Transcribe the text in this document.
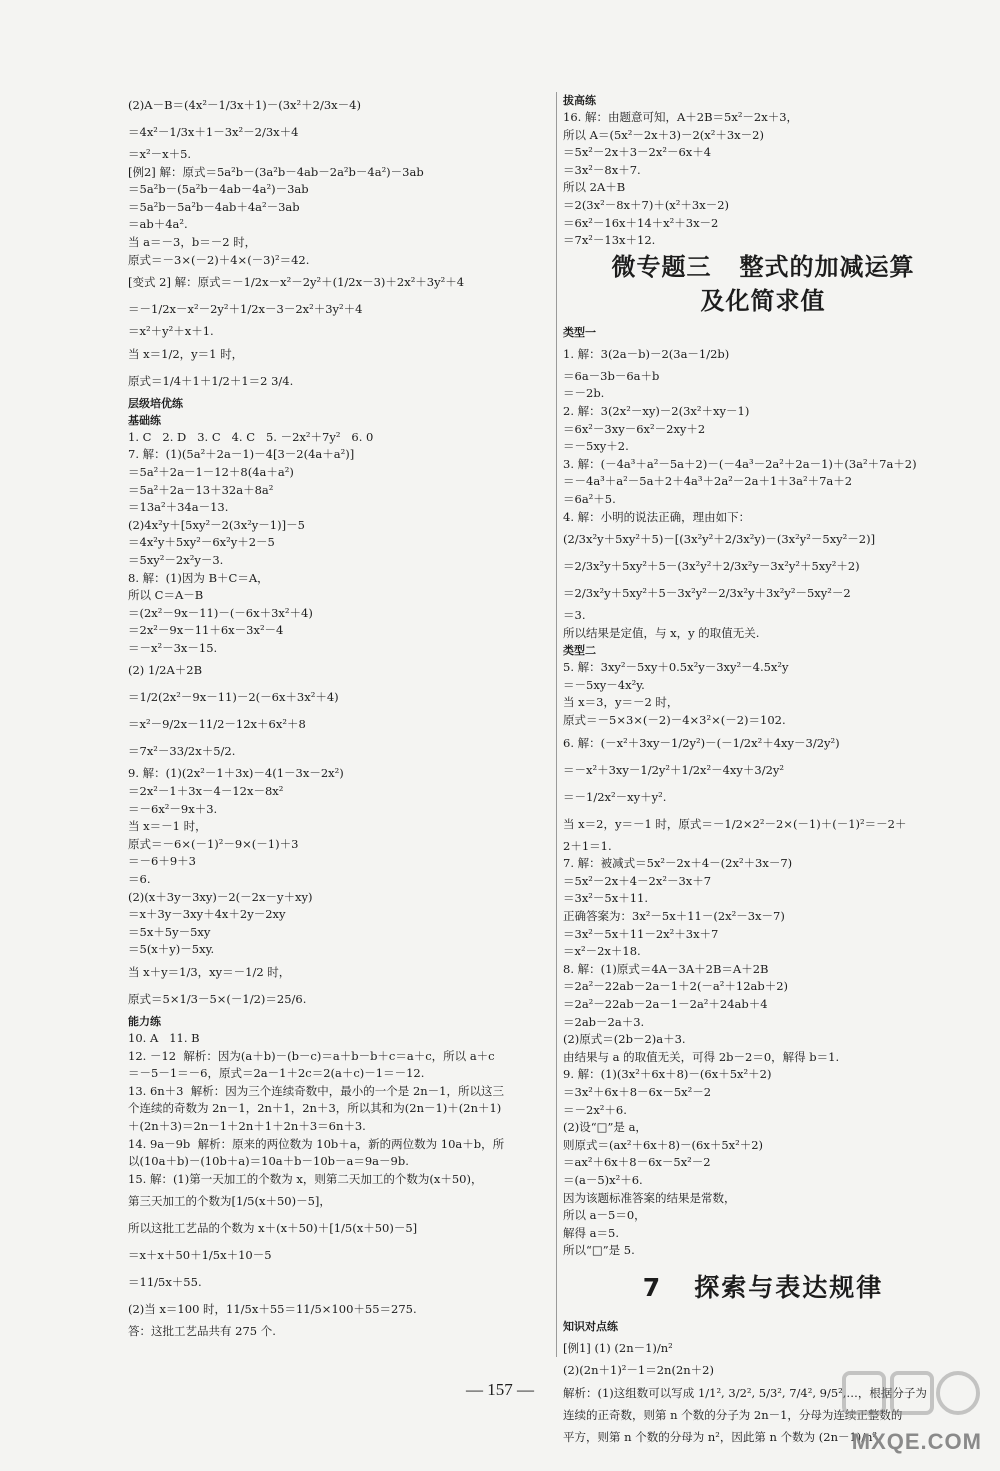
(2)A－B＝(4x²－1/3x＋1)－(3x²＋2/3x－4)
＝4x²－1/3x＋1－3x²－2/3x＋4
＝x²－x＋5.
[例2] 解：原式＝5a²b－(3a²b－4ab－2a²b－4a²)－3ab
＝5a²b－(5a²b－4ab－4a²)－3ab
＝5a²b－5a²b－4ab＋4a²－3ab
＝ab＋4a².
当 a＝－3，b＝－2 时，
原式＝－3×(－2)＋4×(－3)²＝42.
[变式 2] 解：原式＝－1/2x－x²－2y²＋(1/2x－3)＋2x²＋3y²＋4
＝－1/2x－x²－2y²＋1/2x－3－2x²＋3y²＋4
＝x²＋y²＋x＋1.
当 x＝1/2，y＝1 时，
原式＝1/4＋1＋1/2＋1＝2 3/4.
层级培优练
基础练
1. C   2. D   3. C   4. C   5. －2x²＋7y²   6. 0
7. 解：(1)(5a²＋2a－1)－4[3－2(4a＋a²)]
＝5a²＋2a－1－12＋8(4a＋a²)
＝5a²＋2a－13＋32a＋8a²
＝13a²＋34a－13.
(2)4x²y＋[5xy²－2(3x²y－1)]－5
＝4x²y＋5xy²－6x²y＋2－5
＝5xy²－2x²y－3.
8. 解：(1)因为 B＋C＝A，
所以 C＝A－B
＝(2x²－9x－11)－(－6x＋3x²＋4)
＝2x²－9x－11＋6x－3x²－4
＝－x²－3x－15.
(2) 1/2A＋2B
＝1/2(2x²－9x－11)－2(－6x＋3x²＋4)
＝x²－9/2x－11/2－12x＋6x²＋8
＝7x²－33/2x＋5/2.
9. 解：(1)(2x²－1＋3x)－4(1－3x－2x²)
＝2x²－1＋3x－4－12x－8x²
＝－6x²－9x＋3.
当 x＝－1 时，
原式＝－6×(－1)²－9×(－1)＋3
＝－6＋9＋3
＝6.
(2)(x＋3y－3xy)－2(－2x－y＋xy)
＝x＋3y－3xy＋4x＋2y－2xy
＝5x＋5y－5xy
＝5(x＋y)－5xy.
当 x＋y＝1/3，xy＝－1/2 时，
原式＝5×1/3－5×(－1/2)＝25/6.
能力练
10. A   11. B
12. －12  解析：因为(a＋b)－(b－c)＝a＋b－b＋c＝a＋c，所以 a＋c
＝－5－1＝－6，原式＝2a－1＋2c＝2(a＋c)－1＝－12.
13. 6n＋3  解析：因为三个连续奇数中，最小的一个是 2n－1，所以这三
个连续的奇数为 2n－1，2n＋1，2n＋3，所以其和为(2n－1)＋(2n＋1)
＋(2n＋3)＝2n－1＋2n＋1＋2n＋3＝6n＋3.
14. 9a－9b  解析：原来的两位数为 10b＋a，新的两位数为 10a＋b，所
以(10a＋b)－(10b＋a)＝10a＋b－10b－a＝9a－9b.
15. 解：(1)第一天加工的个数为 x，则第二天加工的个数为(x＋50)，
第三天加工的个数为[1/5(x＋50)－5]，
所以这批工艺品的个数为 x＋(x＋50)＋[1/5(x＋50)－5]
＝x＋x＋50＋1/5x＋10－5
＝11/5x＋55.
(2)当 x＝100 时，11/5x＋55＝11/5×100＋55＝275.
答：这批工艺品共有 275 个.
拔高练
16. 解：由题意可知，A＋2B＝5x²－2x＋3，
所以 A＝(5x²－2x＋3)－2(x²＋3x－2)
＝5x²－2x＋3－2x²－6x＋4
＝3x²－8x＋7.
所以 2A＋B
＝2(3x²－8x＋7)＋(x²＋3x－2)
＝6x²－16x＋14＋x²＋3x－2
＝7x²－13x＋12.
微专题三   整式的加减运算
及化简求值
类型一
1. 解：3(2a－b)－2(3a－1/2b)
＝6a－3b－6a＋b
＝－2b.
2. 解：3(2x²－xy)－2(3x²＋xy－1)
＝6x²－3xy－6x²－2xy＋2
＝－5xy＋2.
3. 解：(－4a³＋a²－5a＋2)－(－4a³－2a²＋2a－1)＋(3a²＋7a＋2)
＝－4a³＋a²－5a＋2＋4a³＋2a²－2a＋1＋3a²＋7a＋2
＝6a²＋5.
4. 解：小明的说法正确，理由如下：
(2/3x²y＋5xy²＋5)－[(3x²y²＋2/3x²y)－(3x²y²－5xy²－2)]
＝2/3x²y＋5xy²＋5－(3x²y²＋2/3x²y－3x²y²＋5xy²＋2)
＝2/3x²y＋5xy²＋5－3x²y²－2/3x²y＋3x²y²－5xy²－2
＝3.
所以结果是定值，与 x，y 的取值无关.
类型二
5. 解：3xy²－5xy＋0.5x²y－3xy²－4.5x²y
＝－5xy－4x²y.
当 x＝3，y＝－2 时，
原式＝－5×3×(－2)－4×3²×(－2)＝102.
6. 解：(－x²＋3xy－1/2y²)－(－1/2x²＋4xy－3/2y²)
＝－x²＋3xy－1/2y²＋1/2x²－4xy＋3/2y²
＝－1/2x²－xy＋y².
当 x＝2，y＝－1 时，原式＝－1/2×2²－2×(－1)＋(－1)²＝－2＋
2＋1＝1.
7. 解：被减式＝5x²－2x＋4－(2x²＋3x－7)
＝5x²－2x＋4－2x²－3x＋7
＝3x²－5x＋11.
正确答案为：3x²－5x＋11－(2x²－3x－7)
＝3x²－5x＋11－2x²＋3x＋7
＝x²－2x＋18.
8. 解：(1)原式＝4A－3A＋2B＝A＋2B
＝2a²－22ab－2a－1＋2(－a²＋12ab＋2)
＝2a²－22ab－2a－1－2a²＋24ab＋4
＝2ab－2a＋3.
(2)原式＝(2b－2)a＋3.
由结果与 a 的取值无关，可得 2b－2＝0，解得 b＝1.
9. 解：(1)(3x²＋6x＋8)－(6x＋5x²＋2)
＝3x²＋6x＋8－6x－5x²－2
＝－2x²＋6.
(2)设“□”是 a，
则原式＝(ax²＋6x＋8)－(6x＋5x²＋2)
＝ax²＋6x＋8－6x－5x²－2
＝(a－5)x²＋6.
因为该题标准答案的结果是常数，
所以 a－5＝0，
解得 a＝5.
所以“□”是 5.
7   探索与表达规律
知识对点练
[例1] (1) (2n－1)/n²
(2)(2n＋1)²－1＝2n(2n＋2)
解析：(1)这组数可以写成 1/1², 3/2², 5/3², 7/4², 9/5²,…，根据分子为
连续的正奇数，则第 n 个数的分子为 2n－1，分母为连续正整数的
平方，则第 n 个数的分母为 n²，因此第 n 个数为 (2n－1)/n².
— 157 —
MXQE.COM
